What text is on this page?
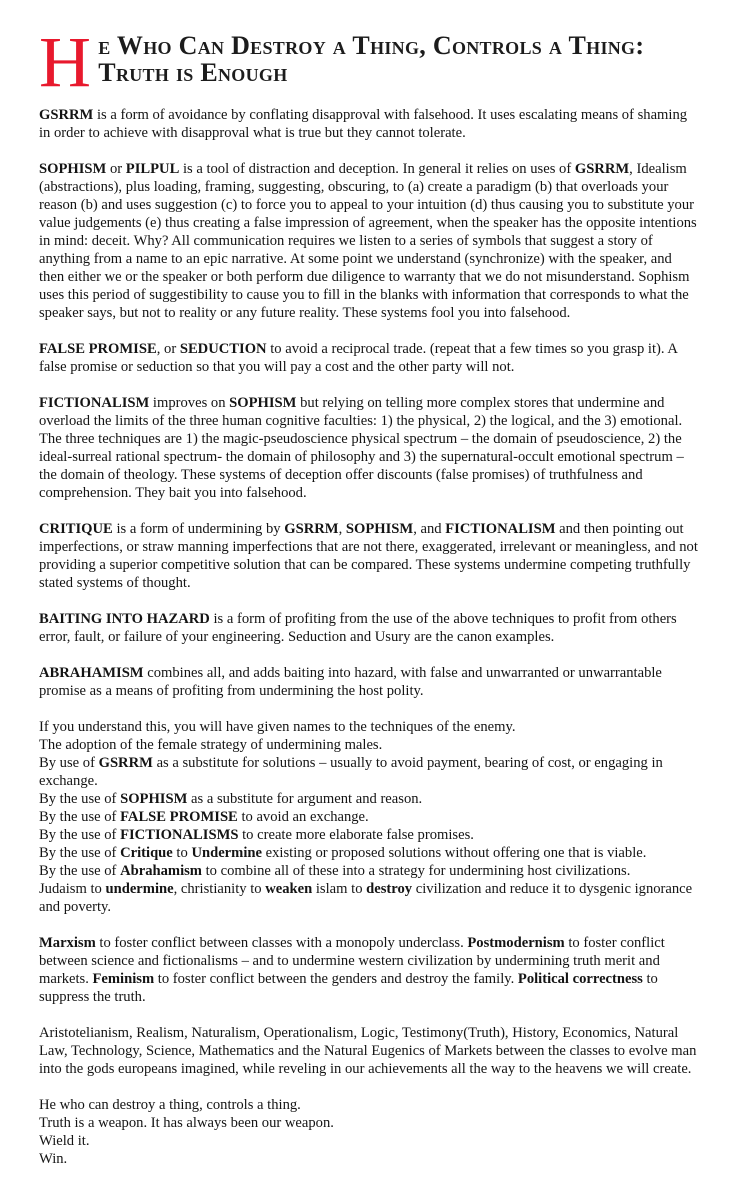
He Who Can Destroy a Thing, Controls a Thing: Truth is Enough
GSRRM is a form of avoidance by conflating disapproval with falsehood. It uses escalating means of shaming in order to achieve with disapproval what is true but they cannot tolerate.
SOPHISM or PILPUL is a tool of distraction and deception. In general it relies on uses of GSRRM, Idealism (abstractions), plus loading, framing, suggesting, obscuring, to (a) create a paradigm (b) that overloads your reason (b) and uses suggestion (c) to force you to appeal to your intuition (d) thus causing you to substitute your value judgements (e) thus creating a false impression of agreement, when the speaker has the opposite intentions in mind: deceit. Why? All communication requires we listen to a series of symbols that suggest a story of anything from a name to an epic narrative. At some point we understand (synchronize) with the speaker, and then either we or the speaker or both perform due diligence to warranty that we do not misunderstand. Sophism uses this period of suggestibility to cause you to fill in the blanks with information that corresponds to what the speaker says, but not to reality or any future reality. These systems fool you into falsehood.
FALSE PROMISE, or SEDUCTION to avoid a reciprocal trade. (repeat that a few times so you grasp it). A false promise or seduction so that you will pay a cost and the other party will not.
FICTIONALISM improves on SOPHISM but relying on telling more complex stores that undermine and overload the limits of the three human cognitive faculties: 1) the physical, 2) the logical, and the 3) emotional. The three techniques are 1) the magic-pseudoscience physical spectrum – the domain of pseudoscience, 2) the ideal-surreal rational spectrum- the domain of philosophy and 3) the supernatural-occult emotional spectrum – the domain of theology. These systems of deception offer discounts (false promises) of truthfulness and comprehension. They bait you into falsehood.
CRITIQUE is a form of undermining by GSRRM, SOPHISM, and FICTIONALISM and then pointing out imperfections, or straw manning imperfections that are not there, exaggerated, irrelevant or meaningless, and not providing a superior competitive solution that can be compared. These systems undermine competing truthfully stated systems of thought.
BAITING INTO HAZARD is a form of profiting from the use of the above techniques to profit from others error, fault, or failure of your engineering. Seduction and Usury are the canon examples.
ABRAHAMISM combines all, and adds baiting into hazard, with false and unwarranted or unwarrantable promise as a means of profiting from undermining the host polity.
If you understand this, you will have given names to the techniques of the enemy.
The adoption of the female strategy of undermining males.
By use of GSRRM as a substitute for solutions – usually to avoid payment, bearing of cost, or engaging in exchange.
By the use of SOPHISM as a substitute for argument and reason.
By the use of FALSE PROMISE to avoid an exchange.
By the use of FICTIONALISMS to create more elaborate false promises.
By the use of Critique to Undermine existing or proposed solutions without offering one that is viable.
By the use of Abrahamism to combine all of these into a strategy for undermining host civilizations.
Judaism to undermine, christianity to weaken islam to destroy civilization and reduce it to dysgenic ignorance and poverty.
Marxism to foster conflict between classes with a monopoly underclass. Postmodernism to foster conflict between science and fictionalisms – and to undermine western civilization by undermining truth merit and markets. Feminism to foster conflict between the genders and destroy the family. Political correctness to suppress the truth.
Aristotelianism, Realism, Naturalism, Operationalism, Logic, Testimony(Truth), History, Economics, Natural Law, Technology, Science, Mathematics and the Natural Eugenics of Markets between the classes to evolve man into the gods europeans imagined, while reveling in our achievements all the way to the heavens we will create.
He who can destroy a thing, controls a thing.
Truth is a weapon. It has always been our weapon.
Wield it.
Win.
